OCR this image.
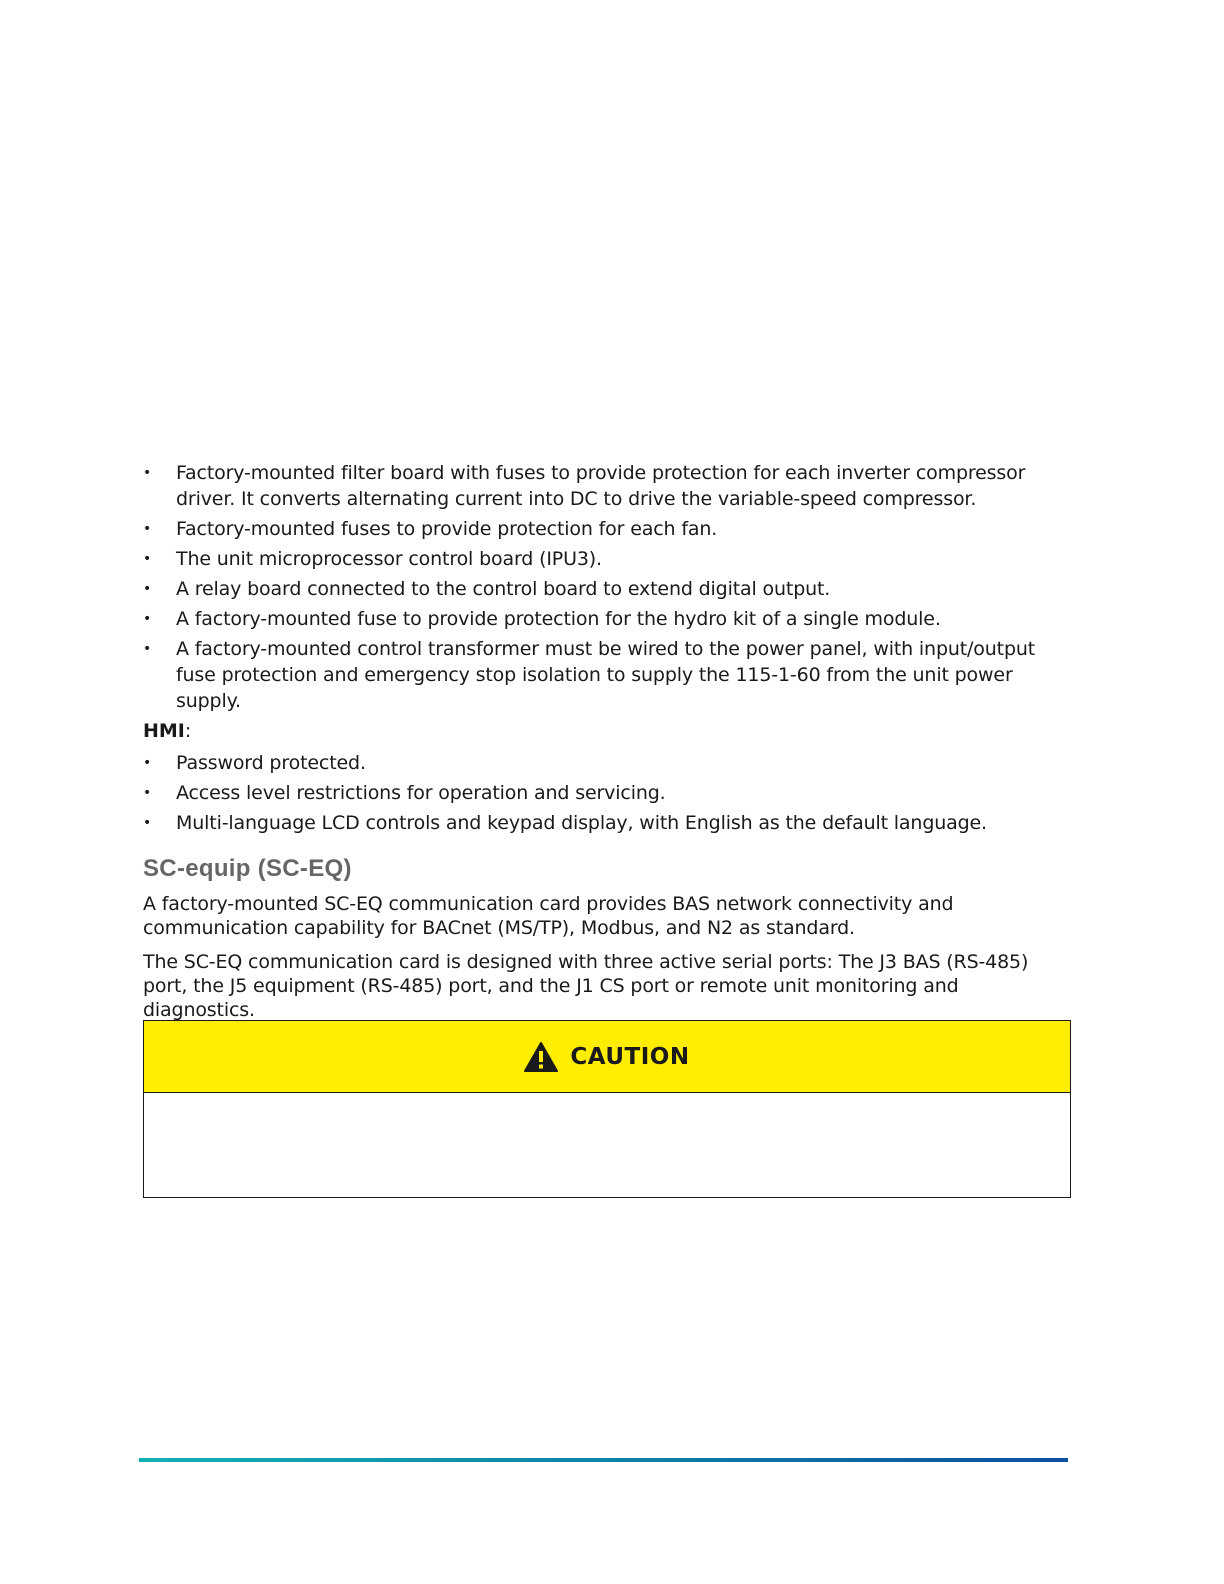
• Factory-mounted filter board with fuses to provide protection for each inverter compressor driver. It converts alternating current into DC to drive the variable-speed compressor.
• Factory-mounted fuses to provide protection for each fan.
• The unit microprocessor control board (IPU3).
• A relay board connected to the control board to extend digital output.
• A factory-mounted fuse to provide protection for the hydro kit of a single module.
• A factory-mounted control transformer must be wired to the power panel, with input/output fuse protection and emergency stop isolation to supply the 115-1-60 from the unit power supply.
HMI:
• Password protected.
• Access level restrictions for operation and servicing.
• Multi-language LCD controls and keypad display, with English as the default language.
SC-equip (SC-EQ)

A factory-mounted SC-EQ communication card provides BAS network connectivity and communication capability for BACnet (MS/TP), Modbus, and N2 as standard.

The SC-EQ communication card is designed with three active serial ports: The J3 BAS (RS-485) port, the J5 equipment (RS-485) port, and the J1 CS port or remote unit monitoring and diagnostics.

CAUTION
